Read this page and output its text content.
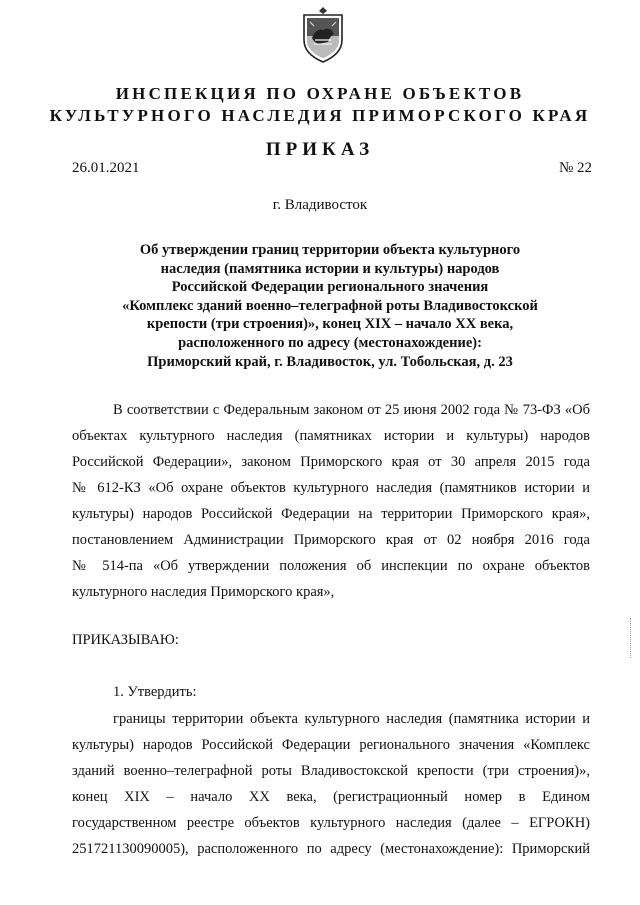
ИНСПЕКЦИЯ ПО ОХРАНЕ ОБЪЕКТОВ
КУЛЬТУРНОГО НАСЛЕДИЯ ПРИМОРСКОГО КРАЯ
ПРИКАЗ
26.01.2021	№ 22
г. Владивосток
Об утверждении границ территории объекта культурного
наследия (памятника истории и культуры) народов
Российской Федерации регионального значения
«Комплекс зданий военно–телеграфной роты Владивостокской
крепости (три строения)», конец XIX – начало XX века,
расположенного по адресу (местонахождение):
Приморский край, г. Владивосток, ул. Тобольская, д. 23
В соответствии с Федеральным законом от 25 июня 2002 года № 73-ФЗ «Об
объектах культурного наследия (памятниках истории и культуры) народов
Российской Федерации», законом Приморского края от 30 апреля 2015 года
№ 612-КЗ «Об охране объектов культурного наследия (памятников истории и
культуры) народов Российской Федерации на территории Приморского края»,
постановлением Администрации Приморского края от 02 ноября 2016 года
№ 514-па «Об утверждении положения об инспекции по охране объектов
культурного наследия Приморского края»,
ПРИКАЗЫВАЮ:
1. Утвердить:
границы территории объекта культурного наследия (памятника истории и
культуры) народов Российской Федерации регионального значения «Комплекс
зданий военно–телеграфной роты Владивостокской крепости (три строения)»,
конец XIX – начало XX века, (регистрационный номер в Едином
государственном реестре объектов культурного наследия (далее – ЕГРОКН)
251721130090005), расположенного по адресу (местонахождение): Приморский
